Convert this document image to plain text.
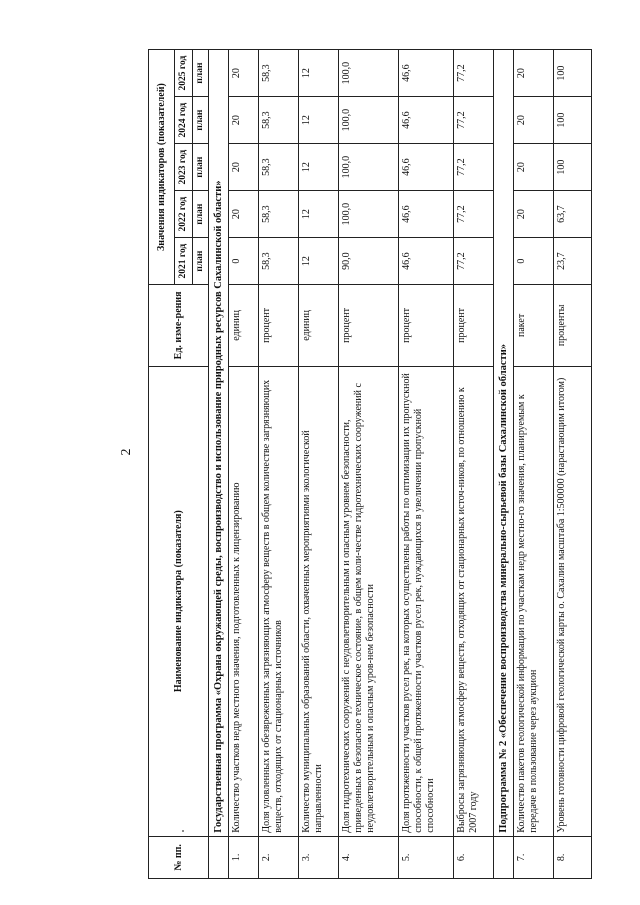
2
№ пп.	Наименование индикатора (показателя)	Ед. изме-рения	Значения индикаторов (показателей)				
			2021 год	2022 год	2023 год	2024 год	2025 год
			план	план	план	план	план
	Государственная программа «Охрана окружающей среды, воспроизводство и использование природных ресурсов Сахалинской области»						
1.	Количество участков недр местного значения, подготовленных к лицензированию	единиц	0	20	20	20	20
2.	Доля уловленных и обезвреженных загрязняющих атмосферу веществ в общем количестве загрязняющих веществ, отходящих от стационарных источников	процент	58,3	58,3	58,3	58,3	58,3
3.	Количество муниципальных образований области, охваченных мероприятиями экологической направленности	единиц	12	12	12	12	12
4.	Доля гидротехнических сооружений с неудовлетворительным и опасным уровнем безопасности, приведенных в безопасное техническое состояние, в общем коли-честве гидротехнических сооружений с неудовлетворительным и опасным уров-нем безопасности	процент	90,0	100,0	100,0	100,0	100,0
5.	Доля протяженности участков русел рек, на которых осуществлены работы по оптимизации их пропускной способности, к общей протяженности участков русел рек, нуждающихся в увеличении пропускной способности	процент	46,6	46,6	46,6	46,6	46,6
6.	Выбросы загрязняющих атмосферу веществ, отходящих от стационарных источ-ников, по отношению к 2007 году	процент	77,2	77,2	77,2	77,2	77,2
	Подпрограмма № 2 «Обеспечение воспроизводства минерально-сырьевой базы Сахалинской области»						
7.	Количество пакетов геологической информации по участкам недр местно-го значения, планируемым к передаче в пользование через аукцион	пакет	0	20	20	20	20
8.	Уровень готовности цифровой геологической карты о. Сахалин масштаба 1:500000 (нарастающим итогом)	проценты	23,7	63,7	100	100	100
